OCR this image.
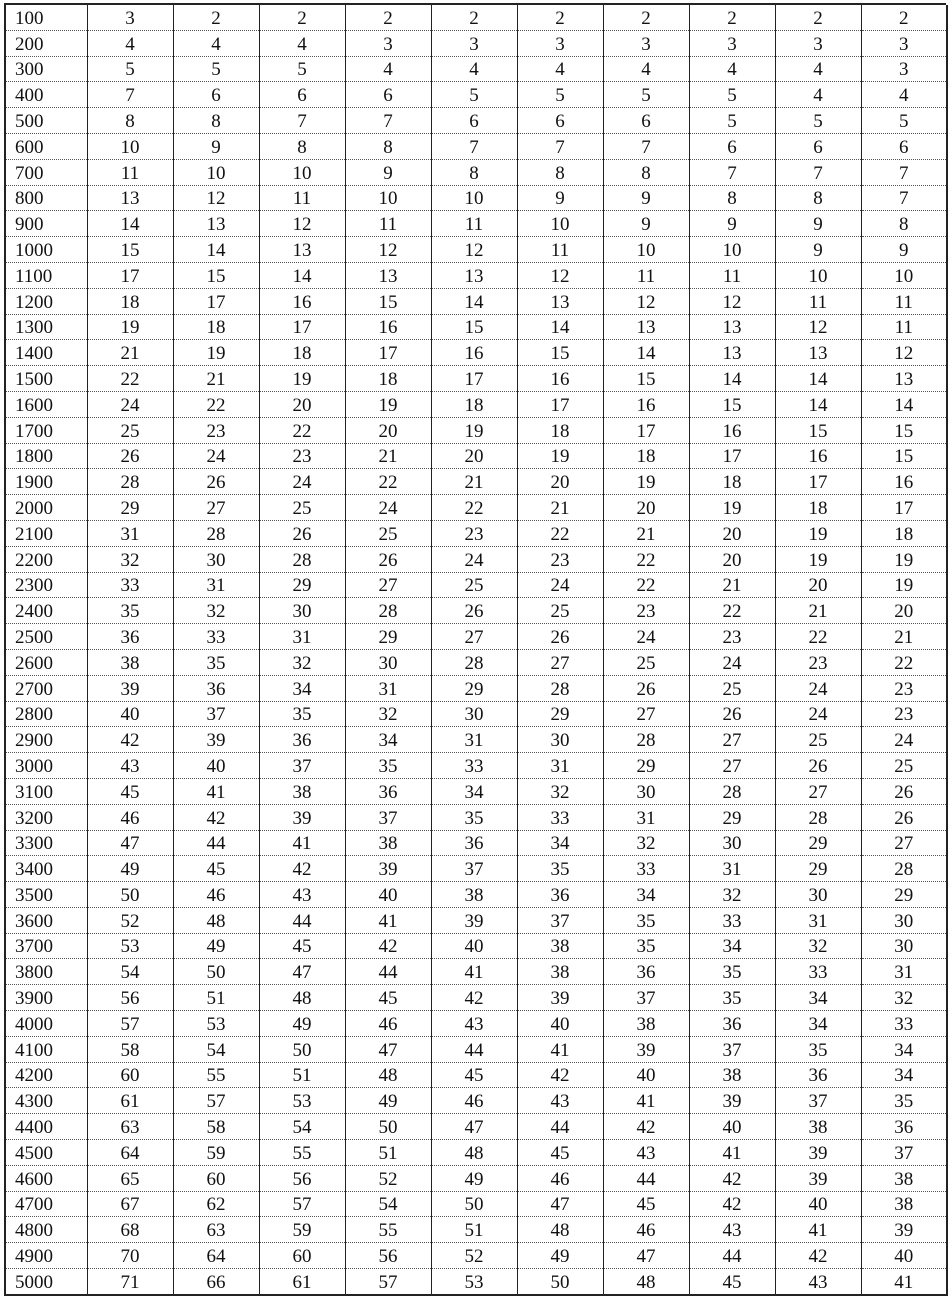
100	3	2	2	2	2	2	2	2	2	2
200	4	4	4	3	3	3	3	3	3	3
300	5	5	5	4	4	4	4	4	4	3
400	7	6	6	6	5	5	5	5	4	4
500	8	8	7	7	6	6	6	5	5	5
600	10	9	8	8	7	7	7	6	6	6
700	11	10	10	9	8	8	8	7	7	7
800	13	12	11	10	10	9	9	8	8	7
900	14	13	12	11	11	10	9	9	9	8
1000	15	14	13	12	12	11	10	10	9	9
1100	17	15	14	13	13	12	11	11	10	10
1200	18	17	16	15	14	13	12	12	11	11
1300	19	18	17	16	15	14	13	13	12	11
1400	21	19	18	17	16	15	14	13	13	12
1500	22	21	19	18	17	16	15	14	14	13
1600	24	22	20	19	18	17	16	15	14	14
1700	25	23	22	20	19	18	17	16	15	15
1800	26	24	23	21	20	19	18	17	16	15
1900	28	26	24	22	21	20	19	18	17	16
2000	29	27	25	24	22	21	20	19	18	17
2100	31	28	26	25	23	22	21	20	19	18
2200	32	30	28	26	24	23	22	20	19	19
2300	33	31	29	27	25	24	22	21	20	19
2400	35	32	30	28	26	25	23	22	21	20
2500	36	33	31	29	27	26	24	23	22	21
2600	38	35	32	30	28	27	25	24	23	22
2700	39	36	34	31	29	28	26	25	24	23
2800	40	37	35	32	30	29	27	26	24	23
2900	42	39	36	34	31	30	28	27	25	24
3000	43	40	37	35	33	31	29	27	26	25
3100	45	41	38	36	34	32	30	28	27	26
3200	46	42	39	37	35	33	31	29	28	26
3300	47	44	41	38	36	34	32	30	29	27
3400	49	45	42	39	37	35	33	31	29	28
3500	50	46	43	40	38	36	34	32	30	29
3600	52	48	44	41	39	37	35	33	31	30
3700	53	49	45	42	40	38	35	34	32	30
3800	54	50	47	44	41	38	36	35	33	31
3900	56	51	48	45	42	39	37	35	34	32
4000	57	53	49	46	43	40	38	36	34	33
4100	58	54	50	47	44	41	39	37	35	34
4200	60	55	51	48	45	42	40	38	36	34
4300	61	57	53	49	46	43	41	39	37	35
4400	63	58	54	50	47	44	42	40	38	36
4500	64	59	55	51	48	45	43	41	39	37
4600	65	60	56	52	49	46	44	42	39	38
4700	67	62	57	54	50	47	45	42	40	38
4800	68	63	59	55	51	48	46	43	41	39
4900	70	64	60	56	52	49	47	44	42	40
5000	71	66	61	57	53	50	48	45	43	41
